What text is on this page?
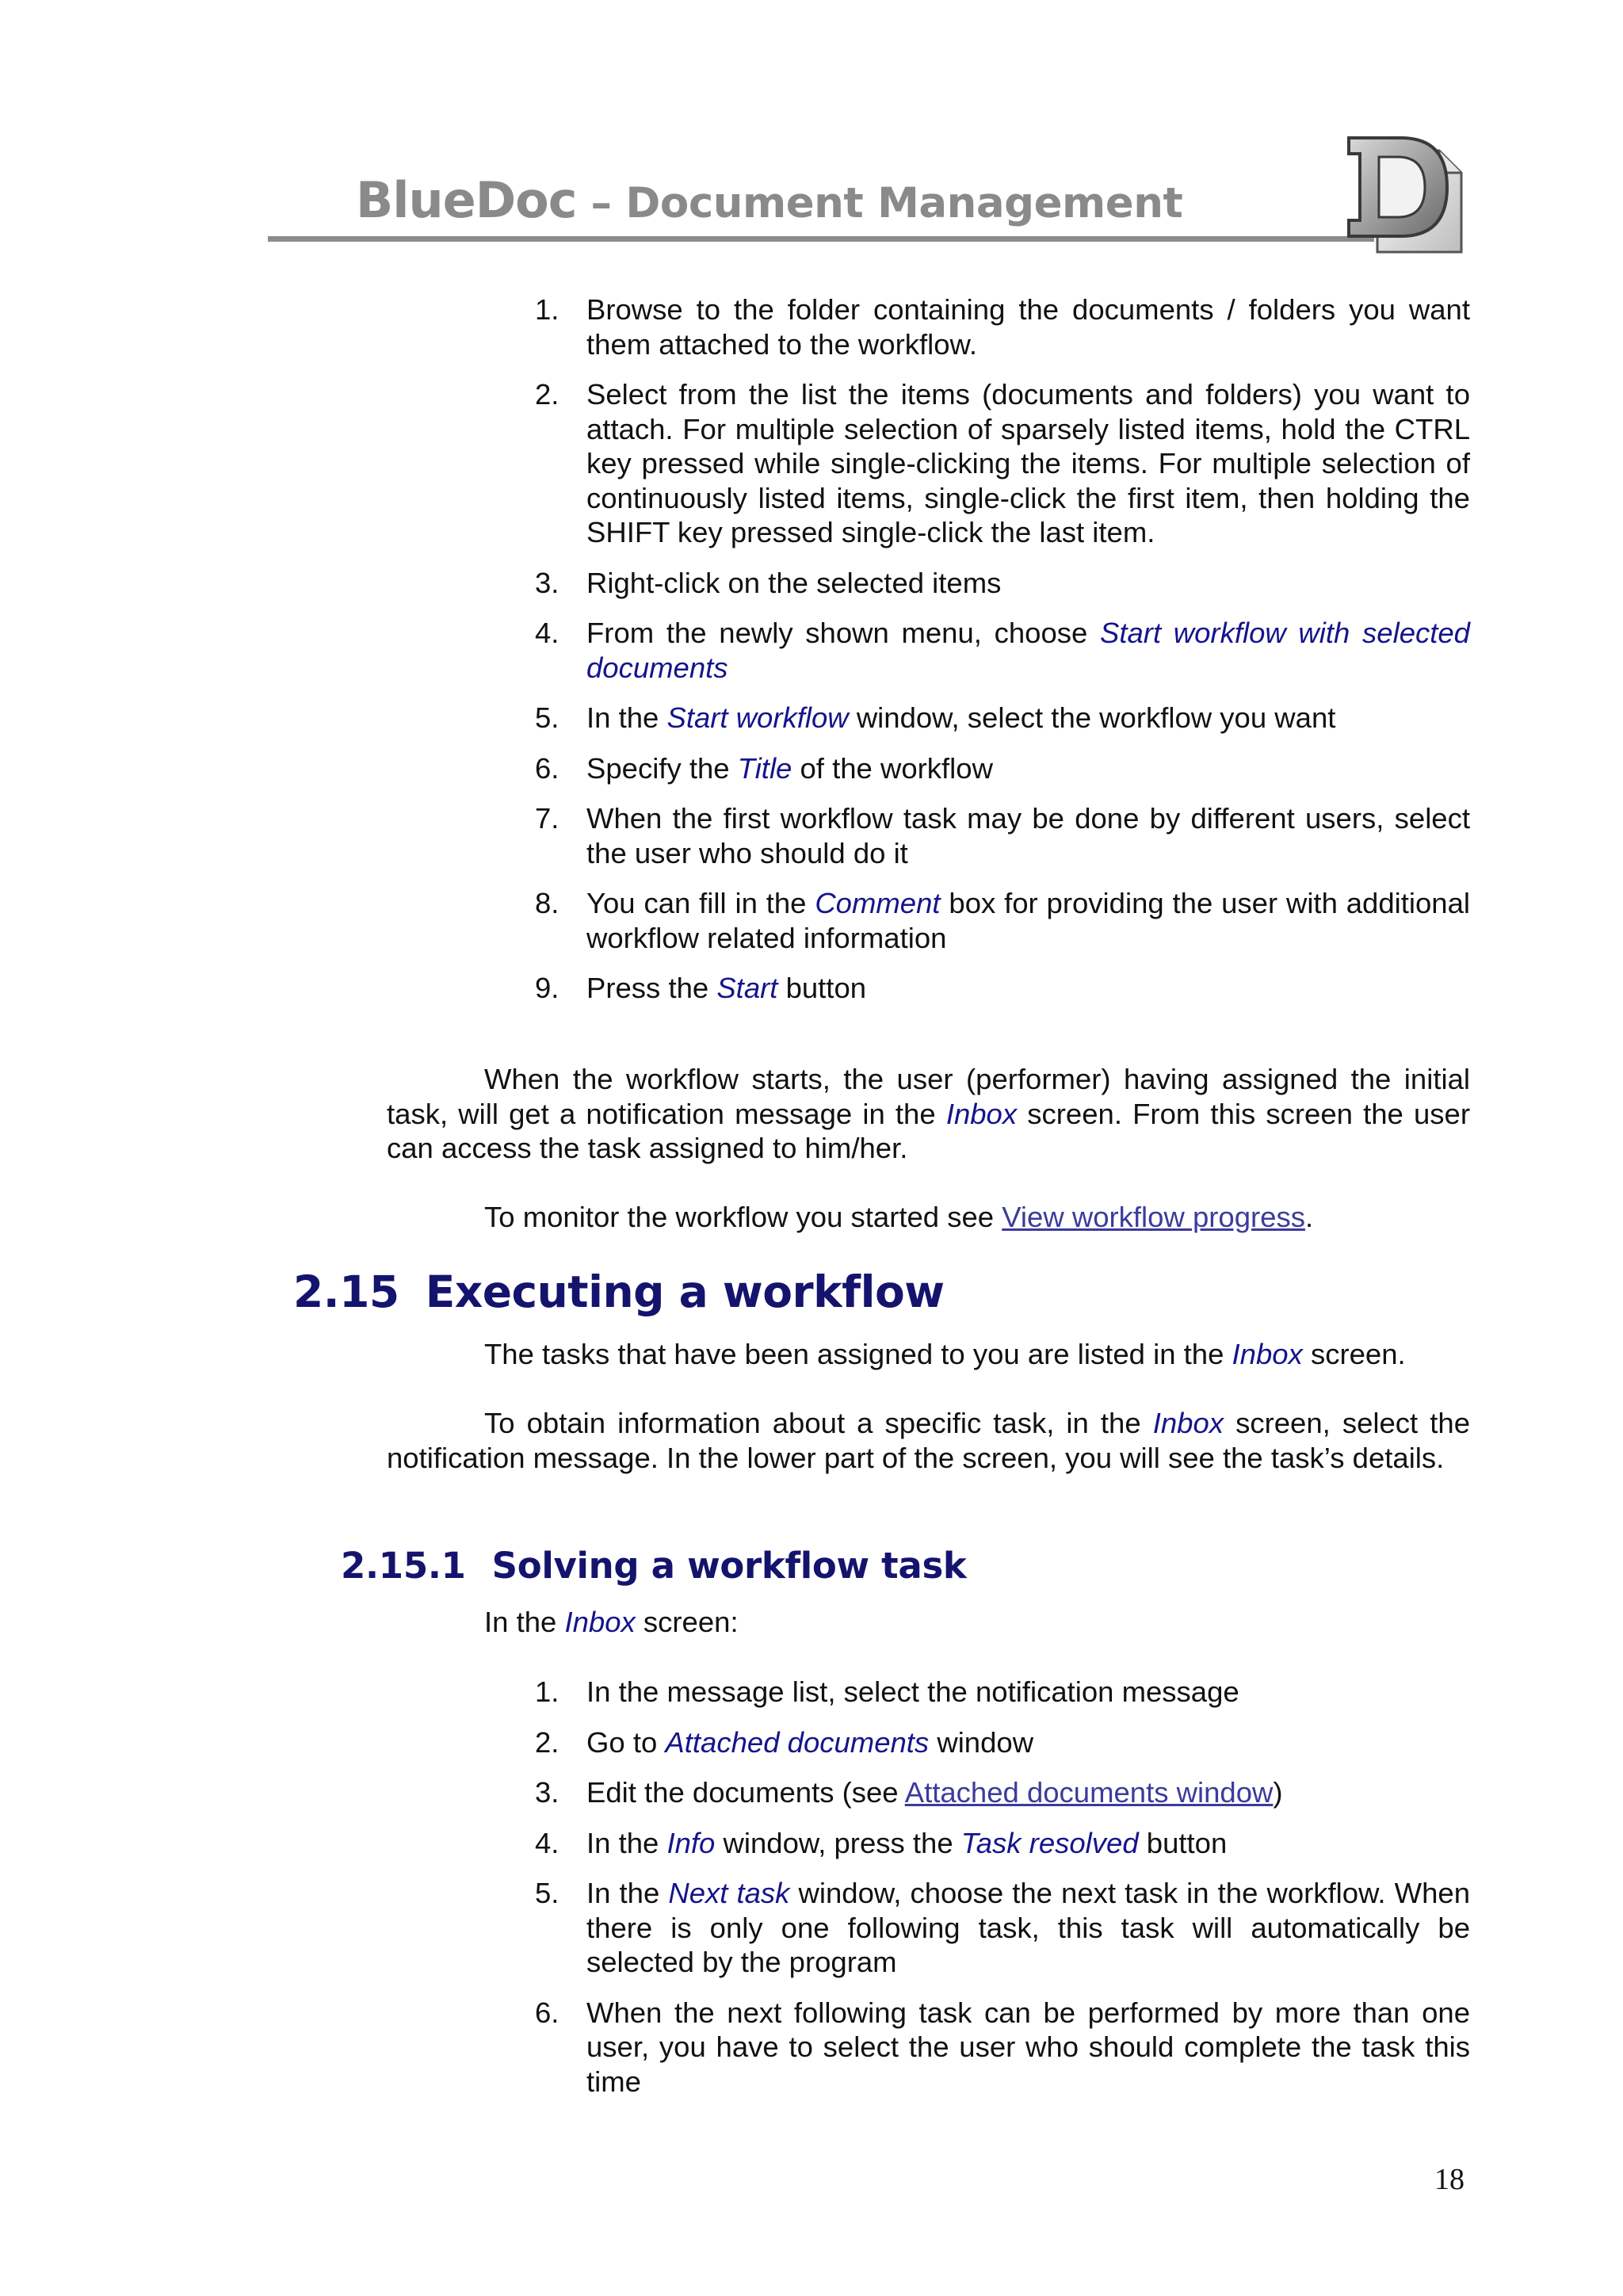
BlueDoc – Document Management
1. Browse to the folder containing the documents / folders you want them attached to the workflow.
2. Select from the list the items (documents and folders) you want to attach. For multiple selection of sparsely listed items, hold the CTRL key pressed while single-clicking the items. For multiple selection of continuously listed items, single-click the first item, then holding the SHIFT key pressed single-click the last item.
3. Right-click on the selected items
4. From the newly shown menu, choose Start workflow with selected documents
5. In the Start workflow window, select the workflow you want
6. Specify the Title of the workflow
7. When the first workflow task may be done by different users, select the user who should do it
8. You can fill in the Comment box for providing the user with additional workflow related information
9. Press the Start button

When the workflow starts, the user (performer) having assigned the initial task, will get a notification message in the Inbox screen. From this screen the user can access the task assigned to him/her.

To monitor the workflow you started see View workflow progress.

2.15 Executing a workflow

The tasks that have been assigned to you are listed in the Inbox screen.

To obtain information about a specific task, in the Inbox screen, select the notification message. In the lower part of the screen, you will see the task’s details.

2.15.1 Solving a workflow task

In the Inbox screen:

1. In the message list, select the notification message
2. Go to Attached documents window
3. Edit the documents (see Attached documents window)
4. In the Info window, press the Task resolved button
5. In the Next task window, choose the next task in the workflow. When there is only one following task, this task will automatically be selected by the program
6. When the next following task can be performed by more than one user, you have to select the user who should complete the task this time
18
